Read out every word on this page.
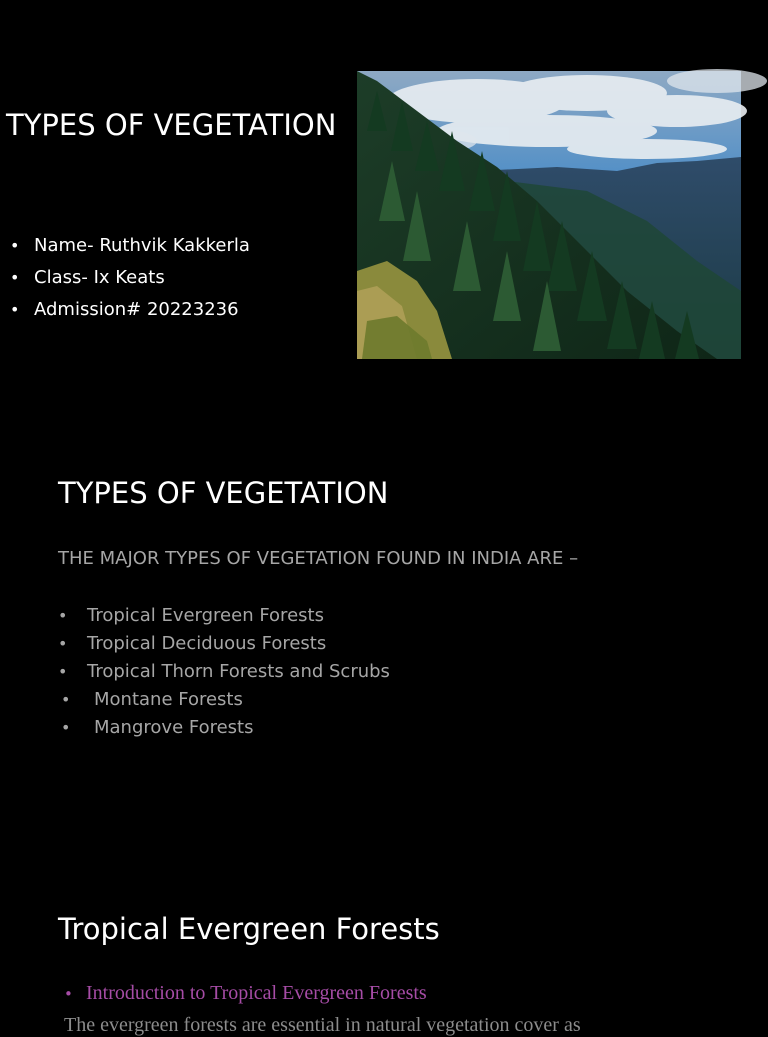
TYPES OF VEGETATION
• Name- Ruthvik Kakkerla
• Class- Ix Keats
• Admission# 20223236
TYPES OF VEGETATION
THE MAJOR TYPES OF VEGETATION FOUND IN INDIA ARE –
• Tropical Evergreen Forests
• Tropical Deciduous Forests
• Tropical Thorn Forests and Scrubs
• Montane Forests
• Mangrove Forests
Tropical Evergreen Forests
• Introduction to Tropical Evergreen Forests
The evergreen forests are essential in natural vegetation cover as
